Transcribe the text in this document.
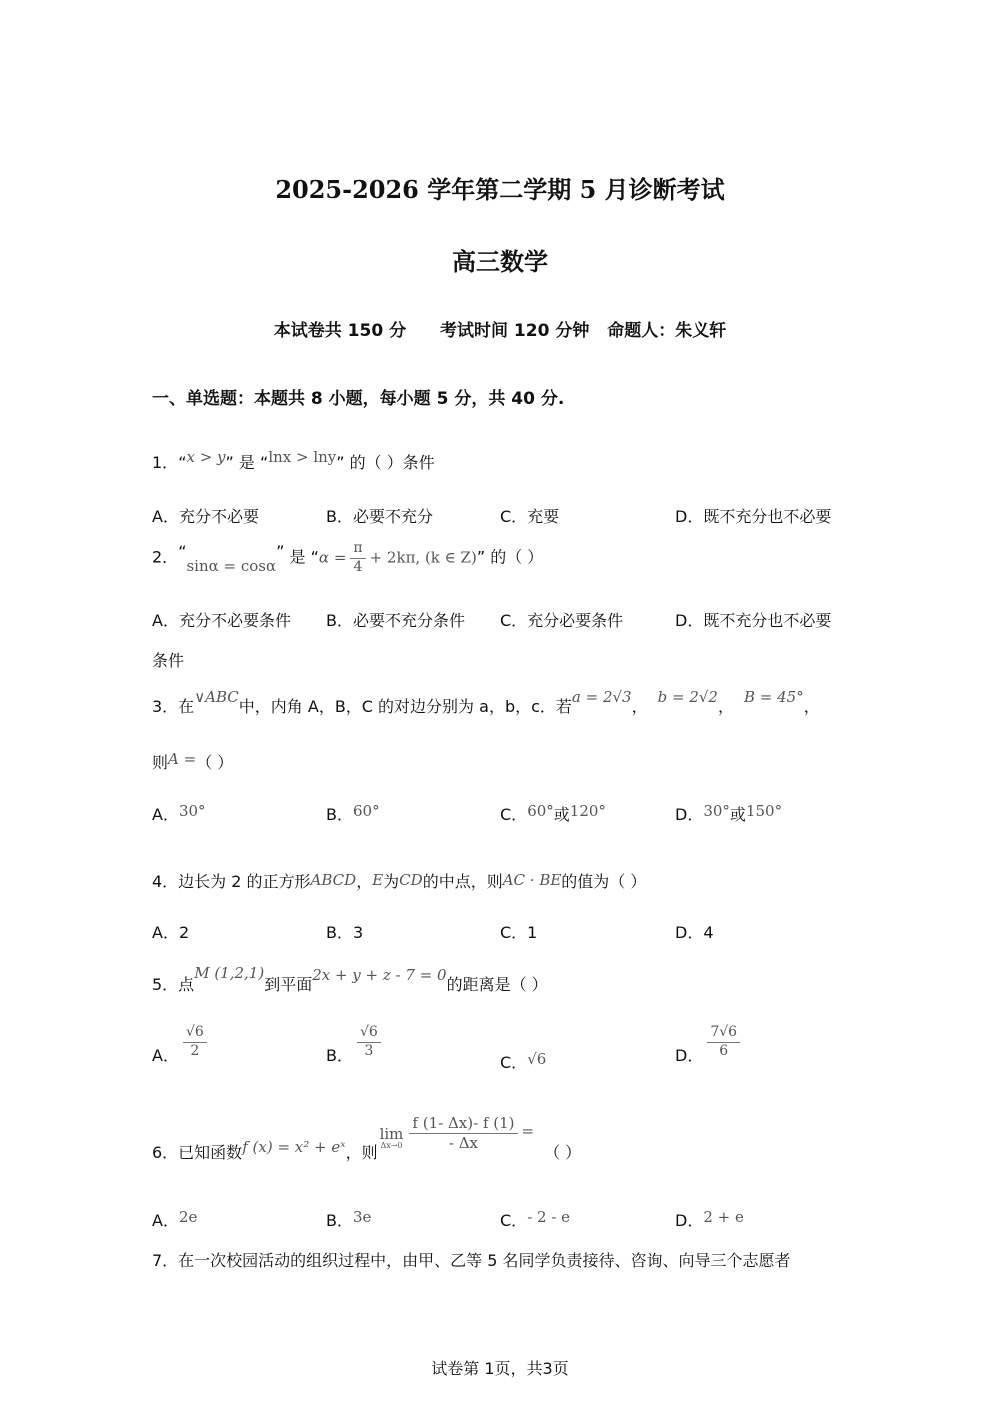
2025-2026 学年第二学期 5 月诊断考试
高三数学
本试卷共 150 分 考试时间 120 分钟 命题人：朱义轩
一、单选题：本题共 8 小题，每小题 5 分，共 40 分.
1．“x > y” 是 “lnx > lny” 的（ ）条件
A．充分不必要	B．必要不充分	C．充要	D．既不充分也不必要
2．“sinα = cosα” 是 “$\alpha = \frac{\pi}{4} + 2k\pi$, (k ∈ Z)” 的（ ）
A．充分不必要条件 B．必要不充分条件 C．充分必要条件	D．既不充分也不必要
条件
3．在∨ABC中，内角 A，B，C 的对边分别为 a，b，c．若a = 2√3， b = 2√2， B = 45°，
则A =（ ）
A．30°	B．60°	C．60°或120°	D．30°或150°
4．边长为 2 的正方形ABCD，E为CD的中点，则AC · BE的值为（ ）
A．2	B．3	C．1	D．4
5．点M (1,2,1)到平面2x + y + z - 7 = 0的距离是（ ）
A． $\frac{√6}{2}$	B． $\frac{√6}{3}$
C．√6	D． $\frac{7√6}{6}$
6．已知函数f (x) = x² + eˣ，则
lim
$\Delta x\to 0 \frac{f (1- \Delta x)- f (1)}{- \Delta x}$ =（ ）
A．2e	B．3e	C．- 2 - e	D．2 + e
7．在一次校园活动的组织过程中，由甲、乙等 5 名同学负责接待、咨询、向导三个志愿者
试卷第 1页，共3页
